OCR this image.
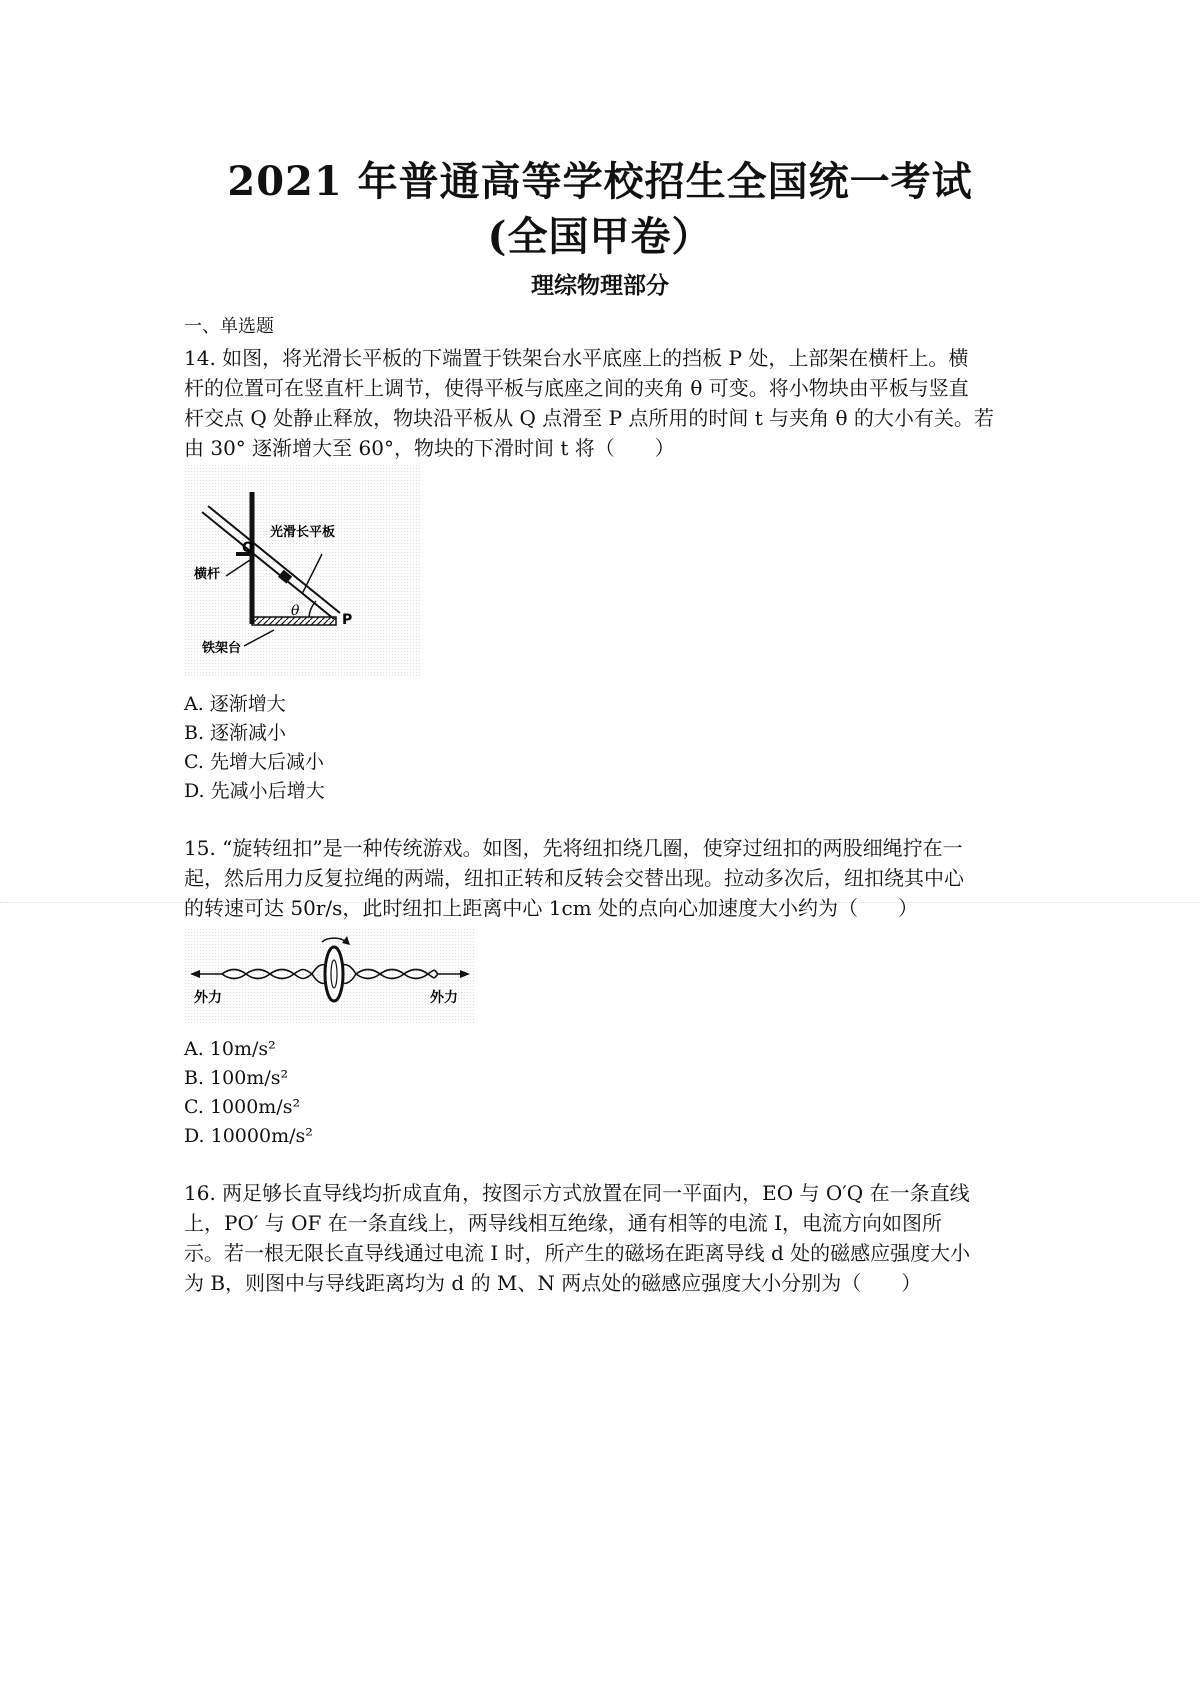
2021 年普通高等学校招生全国统一考试
(全国甲卷）
理综物理部分
一、单选题
14. 如图，将光滑长平板的下端置于铁架台水平底座上的挡板 P 处，上部架在横杆上。横
杆的位置可在竖直杆上调节，使得平板与底座之间的夹角 θ 可变。将小物块由平板与竖直
杆交点 Q 处静止释放，物块沿平板从 Q 点滑至 P 点所用的时间 t 与夹角 θ 的大小有关。若
由 30° 逐渐增大至 60°，物块的下滑时间 t 将（　　）
光滑长平板
Q
横杆
θ
P
铁架台
A. 逐渐增大
B. 逐渐减小
C. 先增大后减小
D. 先减小后增大
15. “旋转纽扣”是一种传统游戏。如图，先将纽扣绕几圈，使穿过纽扣的两股细绳拧在一
起，然后用力反复拉绳的两端，纽扣正转和反转会交替出现。拉动多次后，纽扣绕其中心
的转速可达 50r/s，此时纽扣上距离中心 1cm 处的点向心加速度大小约为（　　）
外力	外力
A. 10m/s²
B. 100m/s²
C. 1000m/s²
D. 10000m/s²
16. 两足够长直导线均折成直角，按图示方式放置在同一平面内，EO 与 O′Q 在一条直线
上，PO′ 与 OF 在一条直线上，两导线相互绝缘，通有相等的电流 I，电流方向如图所
示。若一根无限长直导线通过电流 I 时，所产生的磁场在距离导线 d 处的磁感应强度大小
为 B，则图中与导线距离均为 d 的 M、N 两点处的磁感应强度大小分别为（　　）
